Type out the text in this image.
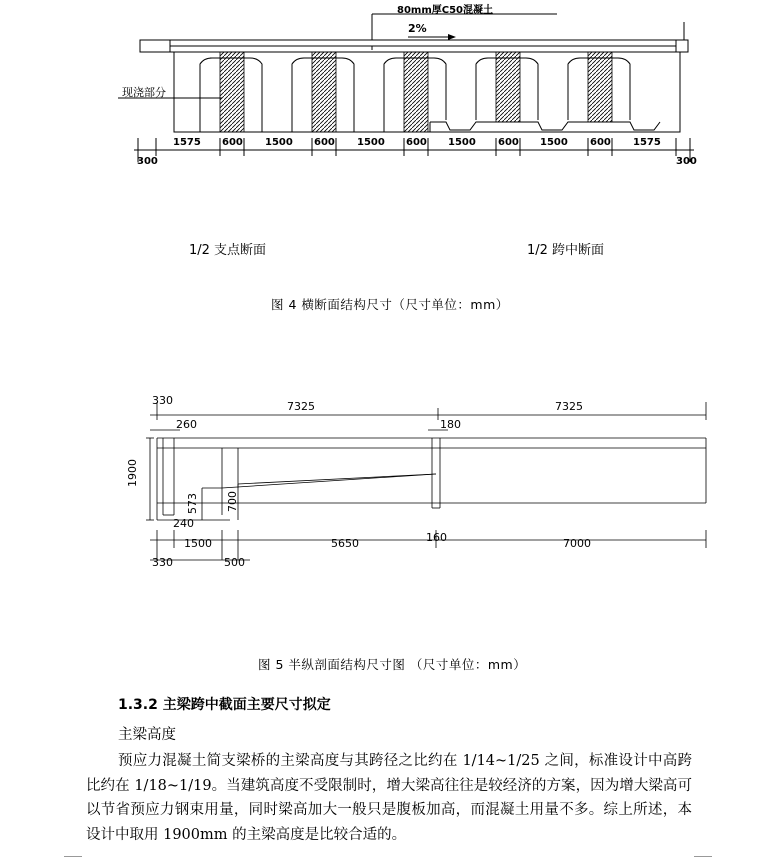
80mm厚C50混凝土
2%
现浇部分
1575 600 1500 600 1500 600 1500 600 1500 600 1575
300	300
1/2 支点断面	1/2 跨中断面
图 4 横断面结构尺寸（尺寸单位：mm）
330	7325	7325
260	180
1900
573 700
240
1500	5650	160	7000
330	500
图 5 半纵剖面结构尺寸图 （尺寸单位：mm）
1.3.2 主梁跨中截面主要尺寸拟定
主梁高度
预应力混凝土简支梁桥的主梁高度与其跨径之比约在 1/14~1/25 之间，标准设计中高跨比约在 1/18~1/19。当建筑高度不受限制时，增大梁高往往是较经济的方案，因为增大梁高可以节省预应力钢束用量，同时梁高加大一般只是腹板加高，而混凝土用量不多。综上所述，本设计中取用 1900mm 的主梁高度是比较合适的。
